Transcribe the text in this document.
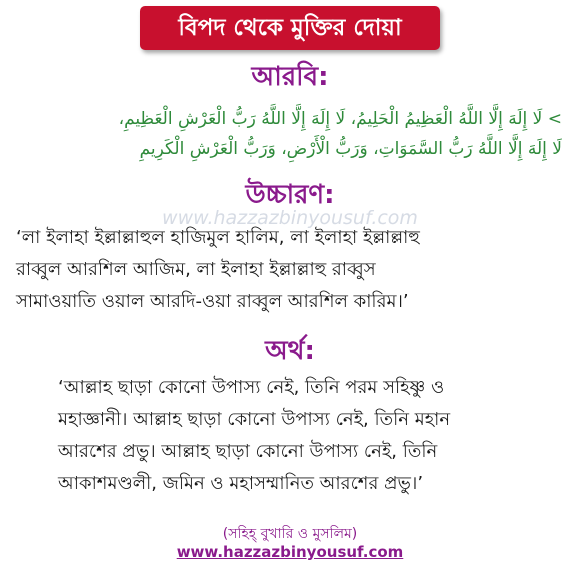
বিপদ থেকে মুক্তির দোয়া
আরবি:
> لَا إِلَهَ إِلَّا اللَّهُ الْعَظِيمُ الْحَلِيمُ، لَا إِلَهَ إِلَّا اللَّهُ رَبُّ الْعَرْشِ الْعَظِيمِ،
لَا إِلَهَ إِلَّا اللَّهُ رَبُّ السَّمَوَاتِ، وَرَبُّ الْأَرْضِ، وَرَبُّ الْعَرْشِ الْكَرِيمِ
www.hazzazbinyousuf.com
উচ্চারণ:
‘লা ইলাহা ইল্লাল্লাহুল হাজিমুল হালিম, লা ইলাহা ইল্লাল্লাহু
রাব্বুল আরশিল আজিম, লা ইলাহা ইল্লাল্লাহু রাব্বুস
সামাওয়াতি ওয়াল আরদি-ওয়া রাব্বুল আরশিল কারিম।’
অর্থ:
‘আল্লাহ ছাড়া কোনো উপাস্য নেই, তিনি পরম সহিষ্ণু ও
মহাজ্ঞানী। আল্লাহ ছাড়া কোনো উপাস্য নেই, তিনি মহান
আরশের প্রভু। আল্লাহ ছাড়া কোনো উপাস্য নেই, তিনি
আকাশমণ্ডলী, জমিন ও মহাসম্মানিত আরশের প্রভু।’
(সহিহ্ বুখারি ও মুসলিম)
www.hazzazbinyousuf.com
